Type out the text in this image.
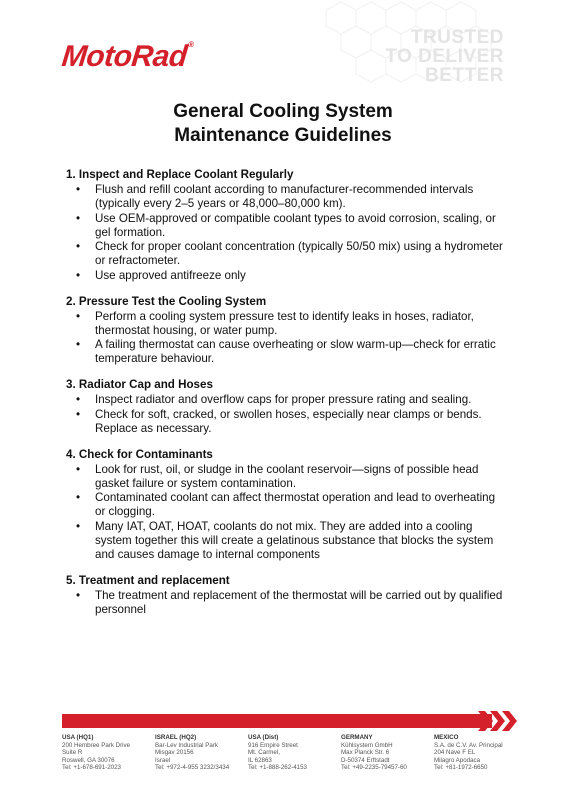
MotoRad®	TRUSTED
TO DELIVER
BETTER
General Cooling System Maintenance Guidelines
1. Inspect and Replace Coolant Regularly
• Flush and refill coolant according to manufacturer-recommended intervals (typically every 2–5 years or 48,000–80,000 km).
• Use OEM-approved or compatible coolant types to avoid corrosion, scaling, or gel formation.
• Check for proper coolant concentration (typically 50/50 mix) using a hydrometer or refractometer.
• Use approved antifreeze only
2. Pressure Test the Cooling System
• Perform a cooling system pressure test to identify leaks in hoses, radiator, thermostat housing, or water pump.
• A failing thermostat can cause overheating or slow warm-up—check for erratic temperature behaviour.
3. Radiator Cap and Hoses
• Inspect radiator and overflow caps for proper pressure rating and sealing.
• Check for soft, cracked, or swollen hoses, especially near clamps or bends. Replace as necessary.
4. Check for Contaminants
• Look for rust, oil, or sludge in the coolant reservoir—signs of possible head gasket failure or system contamination.
• Contaminated coolant can affect thermostat operation and lead to overheating or clogging.
• Many IAT, OAT, HOAT, coolants do not mix. They are added into a cooling system together this will create a gelatinous substance that blocks the system and causes damage to internal components
5. Treatment and replacement
• The treatment and replacement of the thermostat will be carried out by qualified personnel
USA (HQ1)
200 Hembree Park Drive
Suite R
Roswell, GA 30076
Tel: +1-678-691-2023
ISRAEL (HQ2)
Bar-Lev Industrial Park
Misgav 20156
Israel
Tel: +972-4-955 3232/3434
USA (Dist)
916 Empire Street
Mt. Carmel,
IL 62863
Tel: +1-888-262-4153
GERMANY
Kühlsystem GmbH
Max Planck Str. 6
D-50374 Erftstadt
Tel: +49-2235-79457-60
MEXICO
S.A. de C.V. Av. Principal
204 Nave F EL
Milagro Apodaca
Tel: +81-1972-6650
